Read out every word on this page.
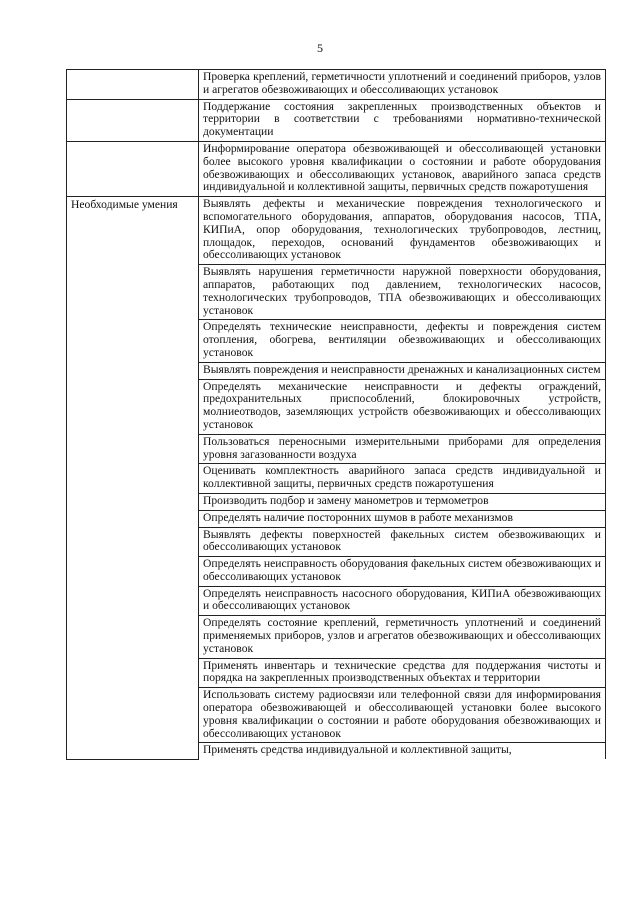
5
	Проверка креплений, герметичности уплотнений и соединений приборов, узлов и агрегатов обезвоживающих и обессоливающих установок
	Поддержание состояния закрепленных производственных объектов и территории в соответствии с требованиями нормативно-технической документации
	Информирование оператора обезвоживающей и обессоливающей установки более высокого уровня квалификации о состоянии и работе оборудования обезвоживающих и обессоливающих установок, аварийного запаса средств индивидуальной и коллективной защиты, первичных средств пожаротушения
Необходимые умения	Выявлять дефекты и механические повреждения технологического и вспомогательного оборудования, аппаратов, оборудования насосов, ТПА, КИПиА, опор оборудования, технологических трубопроводов, лестниц, площадок, переходов, оснований фундаментов обезвоживающих и обессоливающих установок
	Выявлять нарушения герметичности наружной поверхности оборудования, аппаратов, работающих под давлением, технологических насосов, технологических трубопроводов, ТПА обезвоживающих и обессоливающих установок
	Определять технические неисправности, дефекты и повреждения систем отопления, обогрева, вентиляции обезвоживающих и обессоливающих установок
	Выявлять повреждения и неисправности дренажных и канализационных систем
	Определять механические неисправности и дефекты ограждений, предохранительных приспособлений, блокировочных устройств, молниеотводов, заземляющих устройств обезвоживающих и обессоливающих установок
	Пользоваться переносными измерительными приборами для определения уровня загазованности воздуха
	Оценивать комплектность аварийного запаса средств индивидуальной и коллективной защиты, первичных средств пожаротушения
	Производить подбор и замену манометров и термометров
	Определять наличие посторонних шумов в работе механизмов
	Выявлять дефекты поверхностей факельных систем обезвоживающих и обессоливающих установок
	Определять неисправность оборудования факельных систем обезвоживающих и обессоливающих установок
	Определять неисправность насосного оборудования, КИПиА обезвоживающих и обессоливающих установок
	Определять состояние креплений, герметичность уплотнений и соединений применяемых приборов, узлов и агрегатов обезвоживающих и обессоливающих установок
	Применять инвентарь и технические средства для поддержания чистоты и порядка на закрепленных производственных объектах и территории
	Использовать систему радиосвязи или телефонной связи для информирования оператора обезвоживающей и обессоливающей установки более высокого уровня квалификации о состоянии и работе оборудования обезвоживающих и обессоливающих установок
	Применять средства индивидуальной и коллективной защиты,
